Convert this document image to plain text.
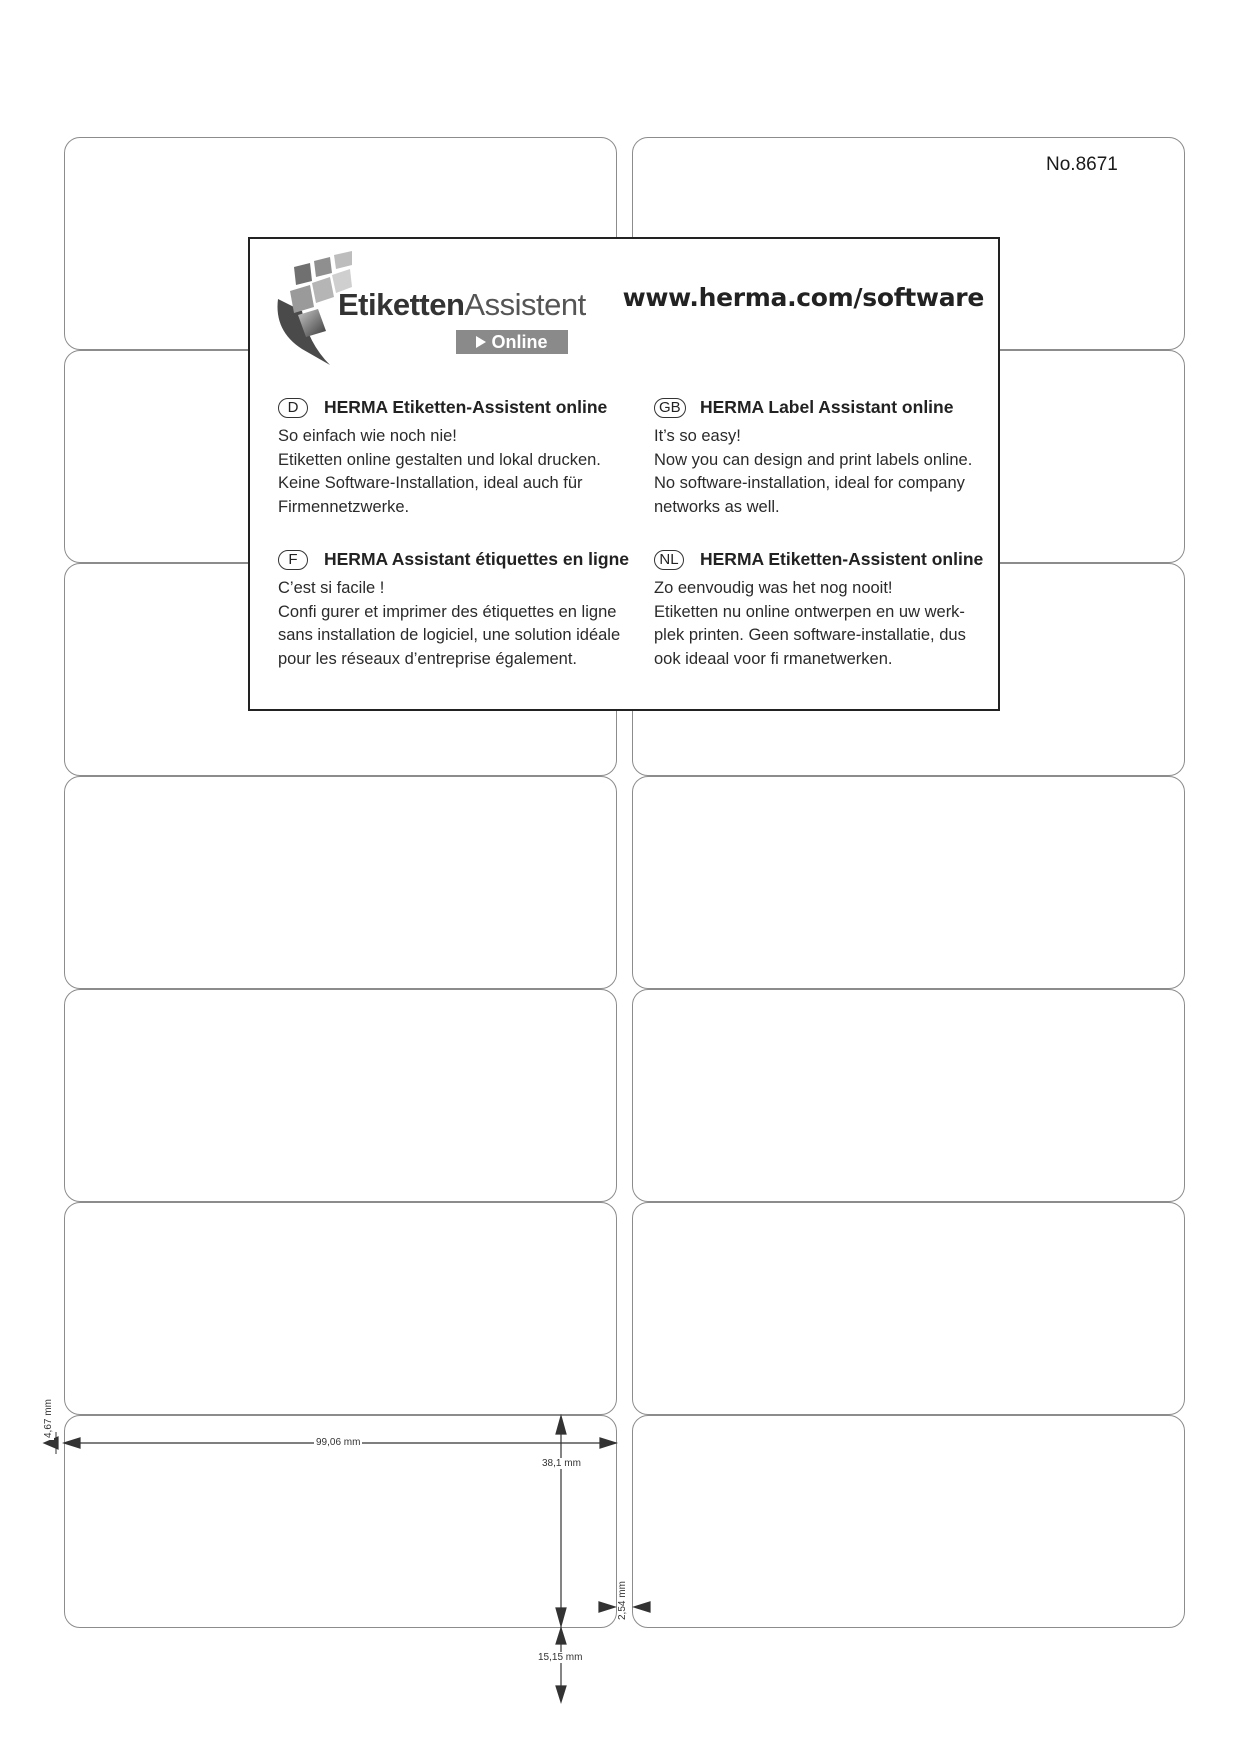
No.8671
EtikettenAssistent
Online
www.herma.com/software
D	HERMA Etiketten-Assistent online
So einfach wie noch nie!
Etiketten online gestalten und lokal drucken.
Keine Software-Installation, ideal auch für
Firmennetzwerke.
GB HERMA Label Assistant online
It’s so easy!
Now you can design and print labels online.
No software-installation, ideal for company
networks as well.
F	HERMA Assistant étiquettes en ligne
C’est si facile !
Confi gurer et imprimer des étiquettes en ligne
sans installation de logiciel, une solution idéale
pour les réseaux d’entreprise également.
NL	HERMA Etiketten-Assistent online
Zo eenvoudig was het nog nooit!
Etiketten nu online ontwerpen en uw werk-
plek printen. Geen software-installatie, dus
ook ideaal voor fi rmanetwerken.
99,06 mm
38,1 mm
15,15 mm
4,67 mm
2,54 mm
